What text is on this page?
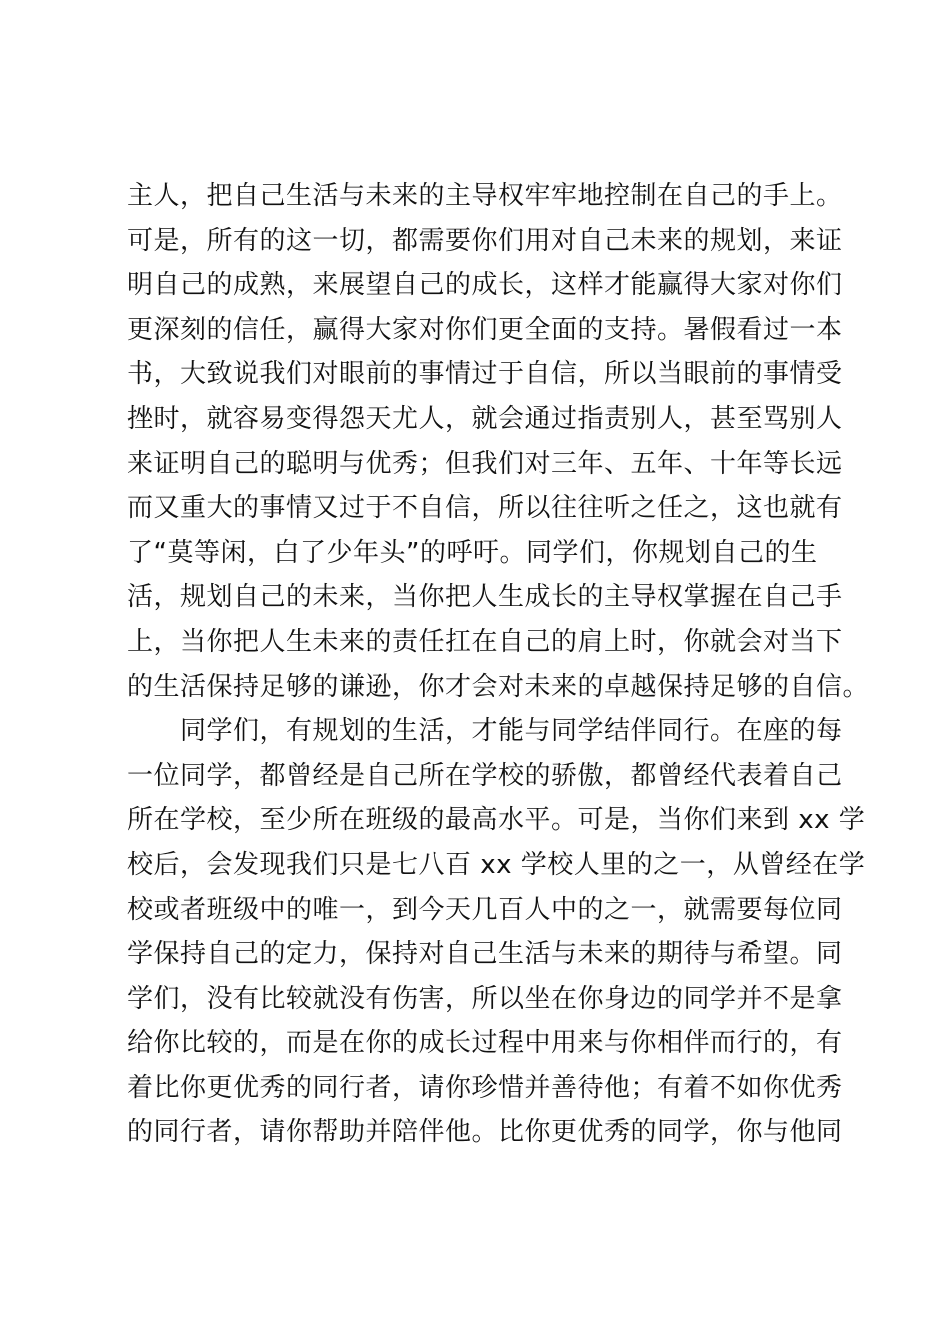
主人，把自己生活与未来的主导权牢牢地控制在自己的手上。
可是，所有的这一切，都需要你们用对自己未来的规划，来证
明自己的成熟，来展望自己的成长，这样才能赢得大家对你们
更深刻的信任，赢得大家对你们更全面的支持。暑假看过一本
书，大致说我们对眼前的事情过于自信，所以当眼前的事情受
挫时，就容易变得怨天尤人，就会通过指责别人，甚至骂别人
来证明自己的聪明与优秀；但我们对三年、五年、十年等长远
而又重大的事情又过于不自信，所以往往听之任之，这也就有
了“莫等闲，白了少年头”的呼吁。同学们，你规划自己的生
活，规划自己的未来，当你把人生成长的主导权掌握在自己手
上，当你把人生未来的责任扛在自己的肩上时，你就会对当下
的生活保持足够的谦逊，你才会对未来的卓越保持足够的自信。
　　同学们，有规划的生活，才能与同学结伴同行。在座的每
一位同学，都曾经是自己所在学校的骄傲，都曾经代表着自己
所在学校，至少所在班级的最高水平。可是，当你们来到 xx 学
校后，会发现我们只是七八百 xx 学校人里的之一，从曾经在学
校或者班级中的唯一，到今天几百人中的之一，就需要每位同
学保持自己的定力，保持对自己生活与未来的期待与希望。同
学们，没有比较就没有伤害，所以坐在你身边的同学并不是拿
给你比较的，而是在你的成长过程中用来与你相伴而行的，有
着比你更优秀的同行者，请你珍惜并善待他；有着不如你优秀
的同行者，请你帮助并陪伴他。比你更优秀的同学，你与他同
